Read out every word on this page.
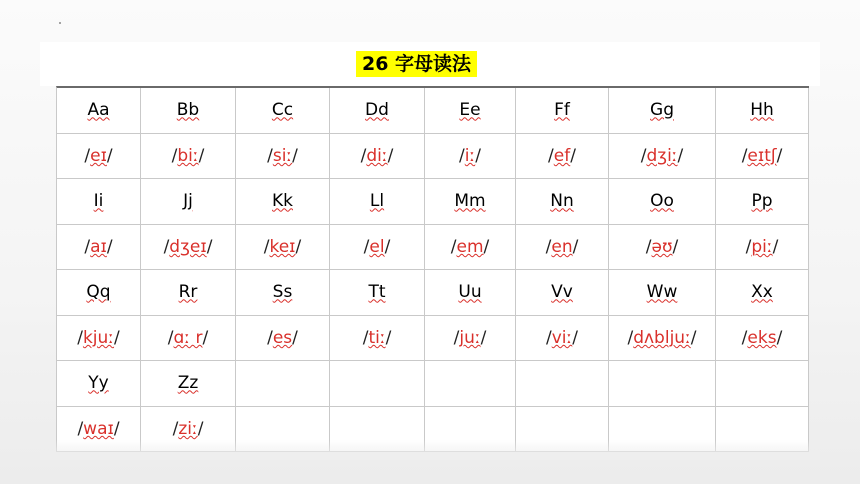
26 字母读法
Aa	Bb	Cc	Dd	Ee	Ff	Gg	Hh
/ eɪ /	/ biː /	/ siː /	/ diː /	/ iː /	/ ef /	/ dʒiː /	/ eɪtʃ /
Ii	Jj	Kk	Ll	Mm	Nn	Oo	Pp
/ aɪ /	/ dʒeɪ /	/ keɪ /	/ el /	/ em /	/ en /	/ əʊ /	/ piː /
Qq	Rr	Ss	Tt	Uu	Vv	Ww	Xx
/ kjuː /	/ ɑː r /	/ es /	/ tiː /	/ juː /	/ viː /	/ dʌbljuː /	/ eks /
Yy	Zz
/ waɪ /	/ ziː /
